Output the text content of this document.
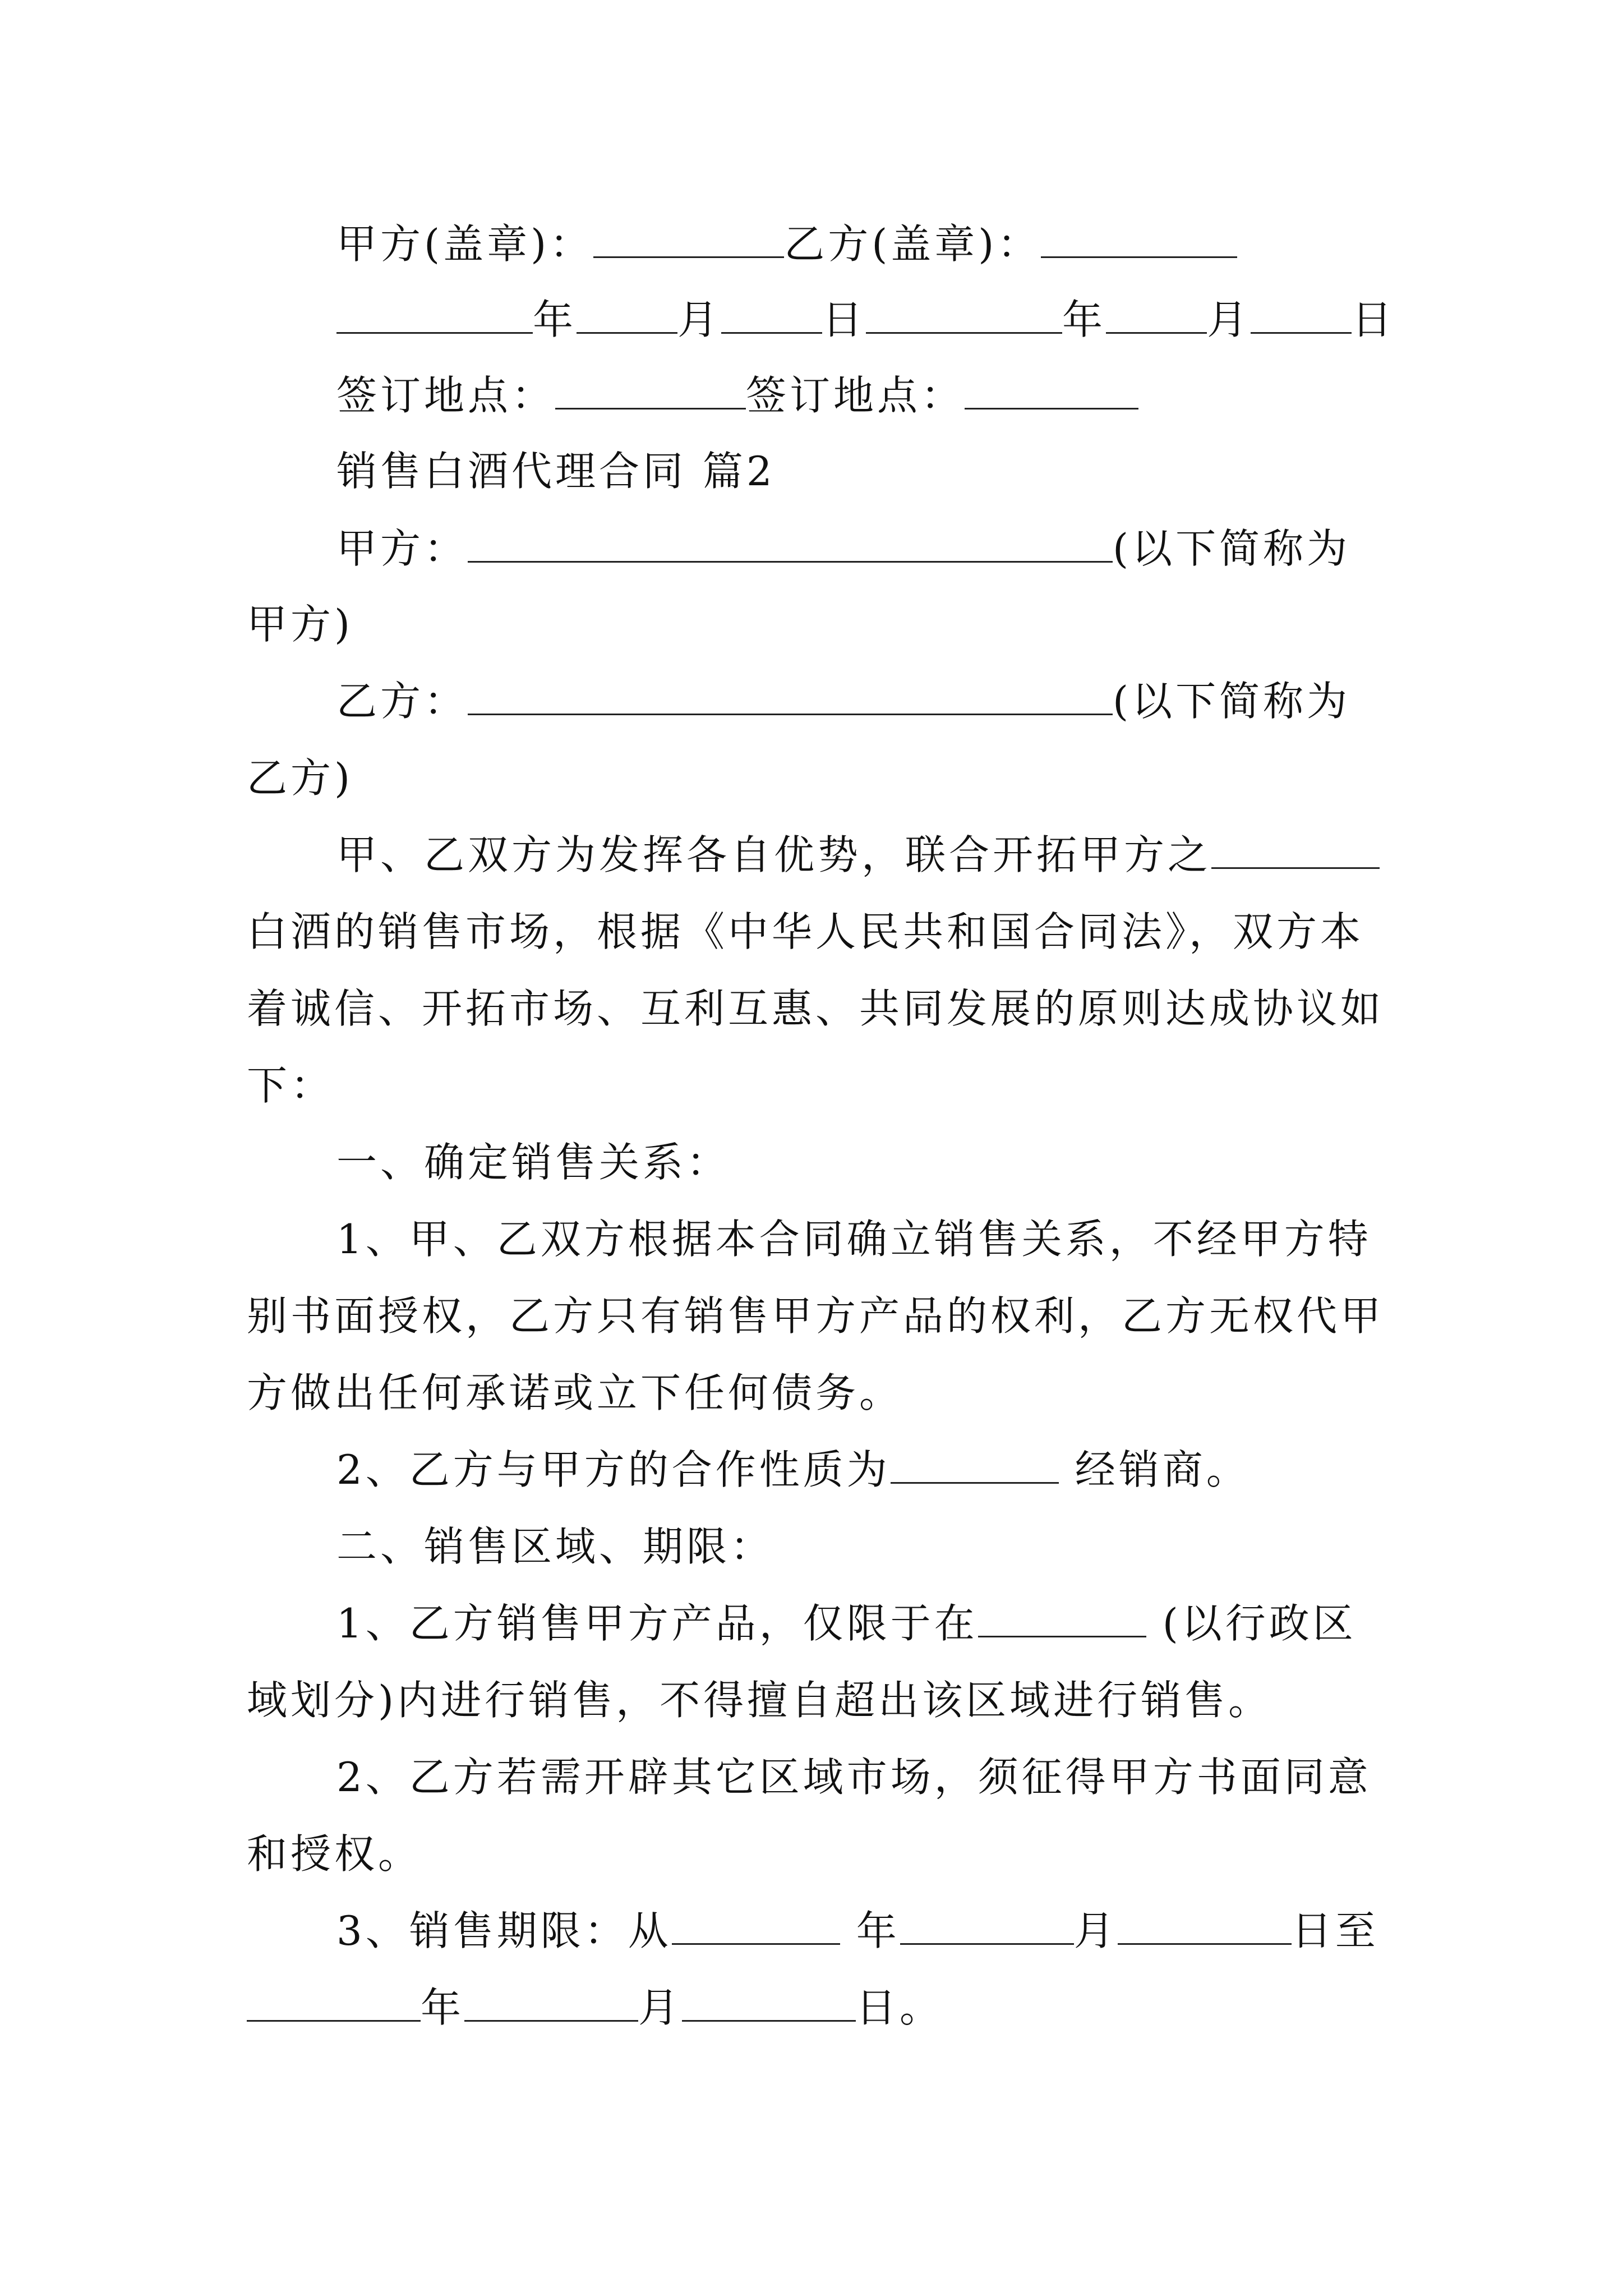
甲方(盖章)：	乙方(盖章)：
年	月	日	年	月	日
签订地点：	签订地点：
销售白酒代理合同 篇2
甲方：	(以下简称为
甲方)
乙方：	(以下简称为
乙方)
甲、乙双方为发挥各自优势，联合开拓甲方之
白酒的销售市场，根据《中华人民共和国合同法》，双方本
着诚信、开拓市场、互利互惠、共同发展的原则达成协议如
下：
一、确定销售关系：
1、甲、乙双方根据本合同确立销售关系，不经甲方特
别书面授权，乙方只有销售甲方产品的权利，乙方无权代甲
方做出任何承诺或立下任何债务。
2、乙方与甲方的合作性质为	经销商。
二、销售区域、期限：
1、乙方销售甲方产品，仅限于在	(以行政区
域划分)内进行销售，不得擅自超出该区域进行销售。
2、乙方若需开辟其它区域市场，须征得甲方书面同意
和授权。
3、销售期限：从	年	月	日至
年	月	日。
